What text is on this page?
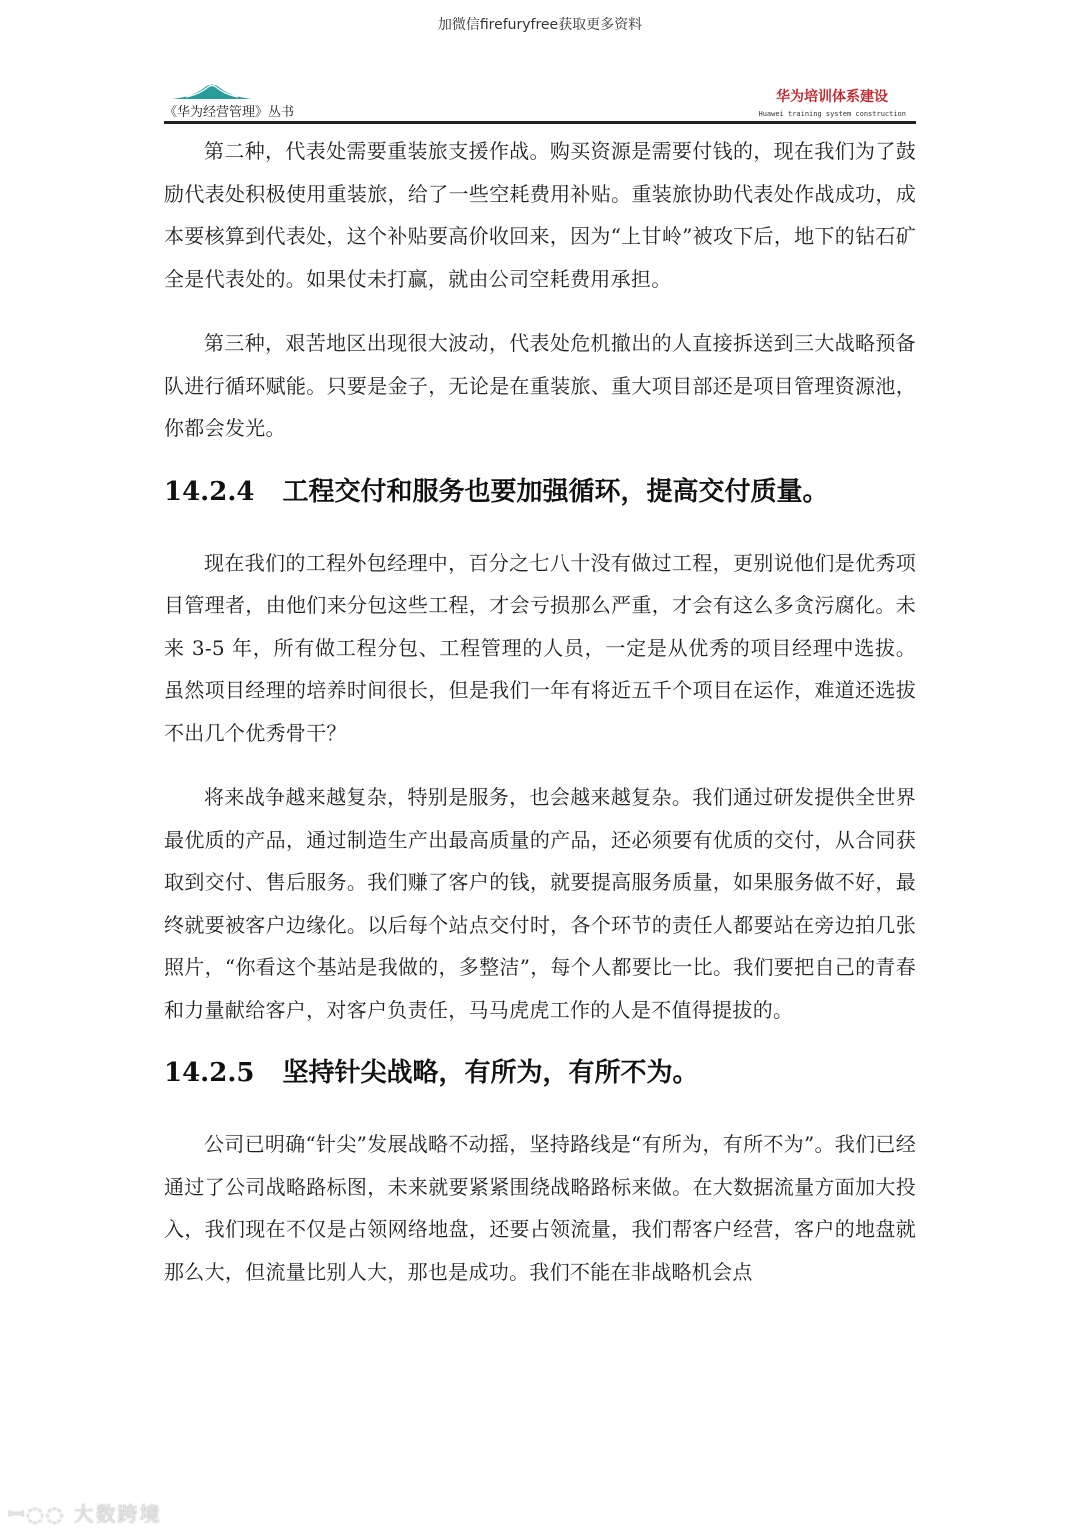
加微信firefuryfree获取更多资料
《华为经营管理》丛书
华为培训体系建设
Huawei training system construction

第二种，代表处需要重装旅支援作战。购买资源是需要付钱的，现在我们为了鼓励代表处积极使用重装旅，给了一些空耗费用补贴。重装旅协助代表处作战成功，成本要核算到代表处，这个补贴要高价收回来，因为“上甘岭”被攻下后，地下的钻石矿全是代表处的。如果仗未打赢，就由公司空耗费用承担。

第三种，艰苦地区出现很大波动，代表处危机撤出的人直接拆送到三大战略预备队进行循环赋能。只要是金子，无论是在重装旅、重大项目部还是项目管理资源池，你都会发光。

14.2.4 工程交付和服务也要加强循环，提高交付质量。

现在我们的工程外包经理中，百分之七八十没有做过工程，更别说他们是优秀项目管理者，由他们来分包这些工程，才会亏损那么严重，才会有这么多贪污腐化。未来 3-5 年，所有做工程分包、工程管理的人员，一定是从优秀的项目经理中选拔。虽然项目经理的培养时间很长，但是我们一年有将近五千个项目在运作，难道还选拔不出几个优秀骨干？

将来战争越来越复杂，特别是服务，也会越来越复杂。我们通过研发提供全世界最优质的产品，通过制造生产出最高质量的产品，还必须要有优质的交付，从合同获取到交付、售后服务。我们赚了客户的钱，就要提高服务质量，如果服务做不好，最终就要被客户边缘化。以后每个站点交付时，各个环节的责任人都要站在旁边拍几张照片，“你看这个基站是我做的，多整洁”，每个人都要比一比。我们要把自己的青春和力量献给客户，对客户负责任，马马虎虎工作的人是不值得提拔的。

14.2.5 坚持针尖战略，有所为，有所不为。

公司已明确“针尖”发展战略不动摇，坚持路线是“有所为，有所不为”。我们已经通过了公司战略路标图，未来就要紧紧围绕战略路标来做。在大数据流量方面加大投入，我们现在不仅是占领网络地盘，还要占领流量，我们帮客户经营，客户的地盘就那么大，但流量比别人大，那也是成功。我们不能在非战略机会点

ꟷ◌◌ 大数跨境
